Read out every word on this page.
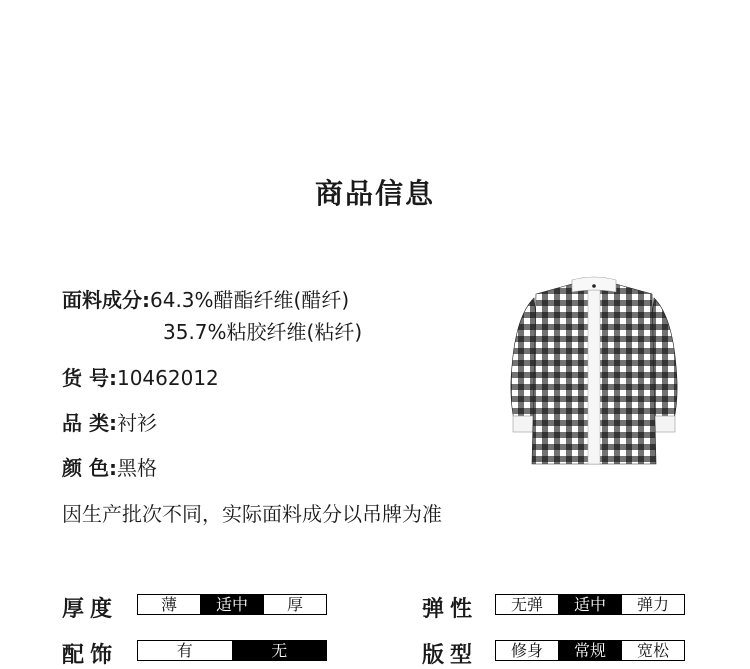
商品信息
面料成分:64.3%醋酯纤维(醋纤)
35.7%粘胶纤维(粘纤)
货 号:10462012
品 类:衬衫
颜 色:黑格
因生产批次不同，实际面料成分以吊牌为准
厚度	薄	适中	厚	弹性	无弹	适中	弹力
配饰	有	无	版型	修身	常规	宽松
